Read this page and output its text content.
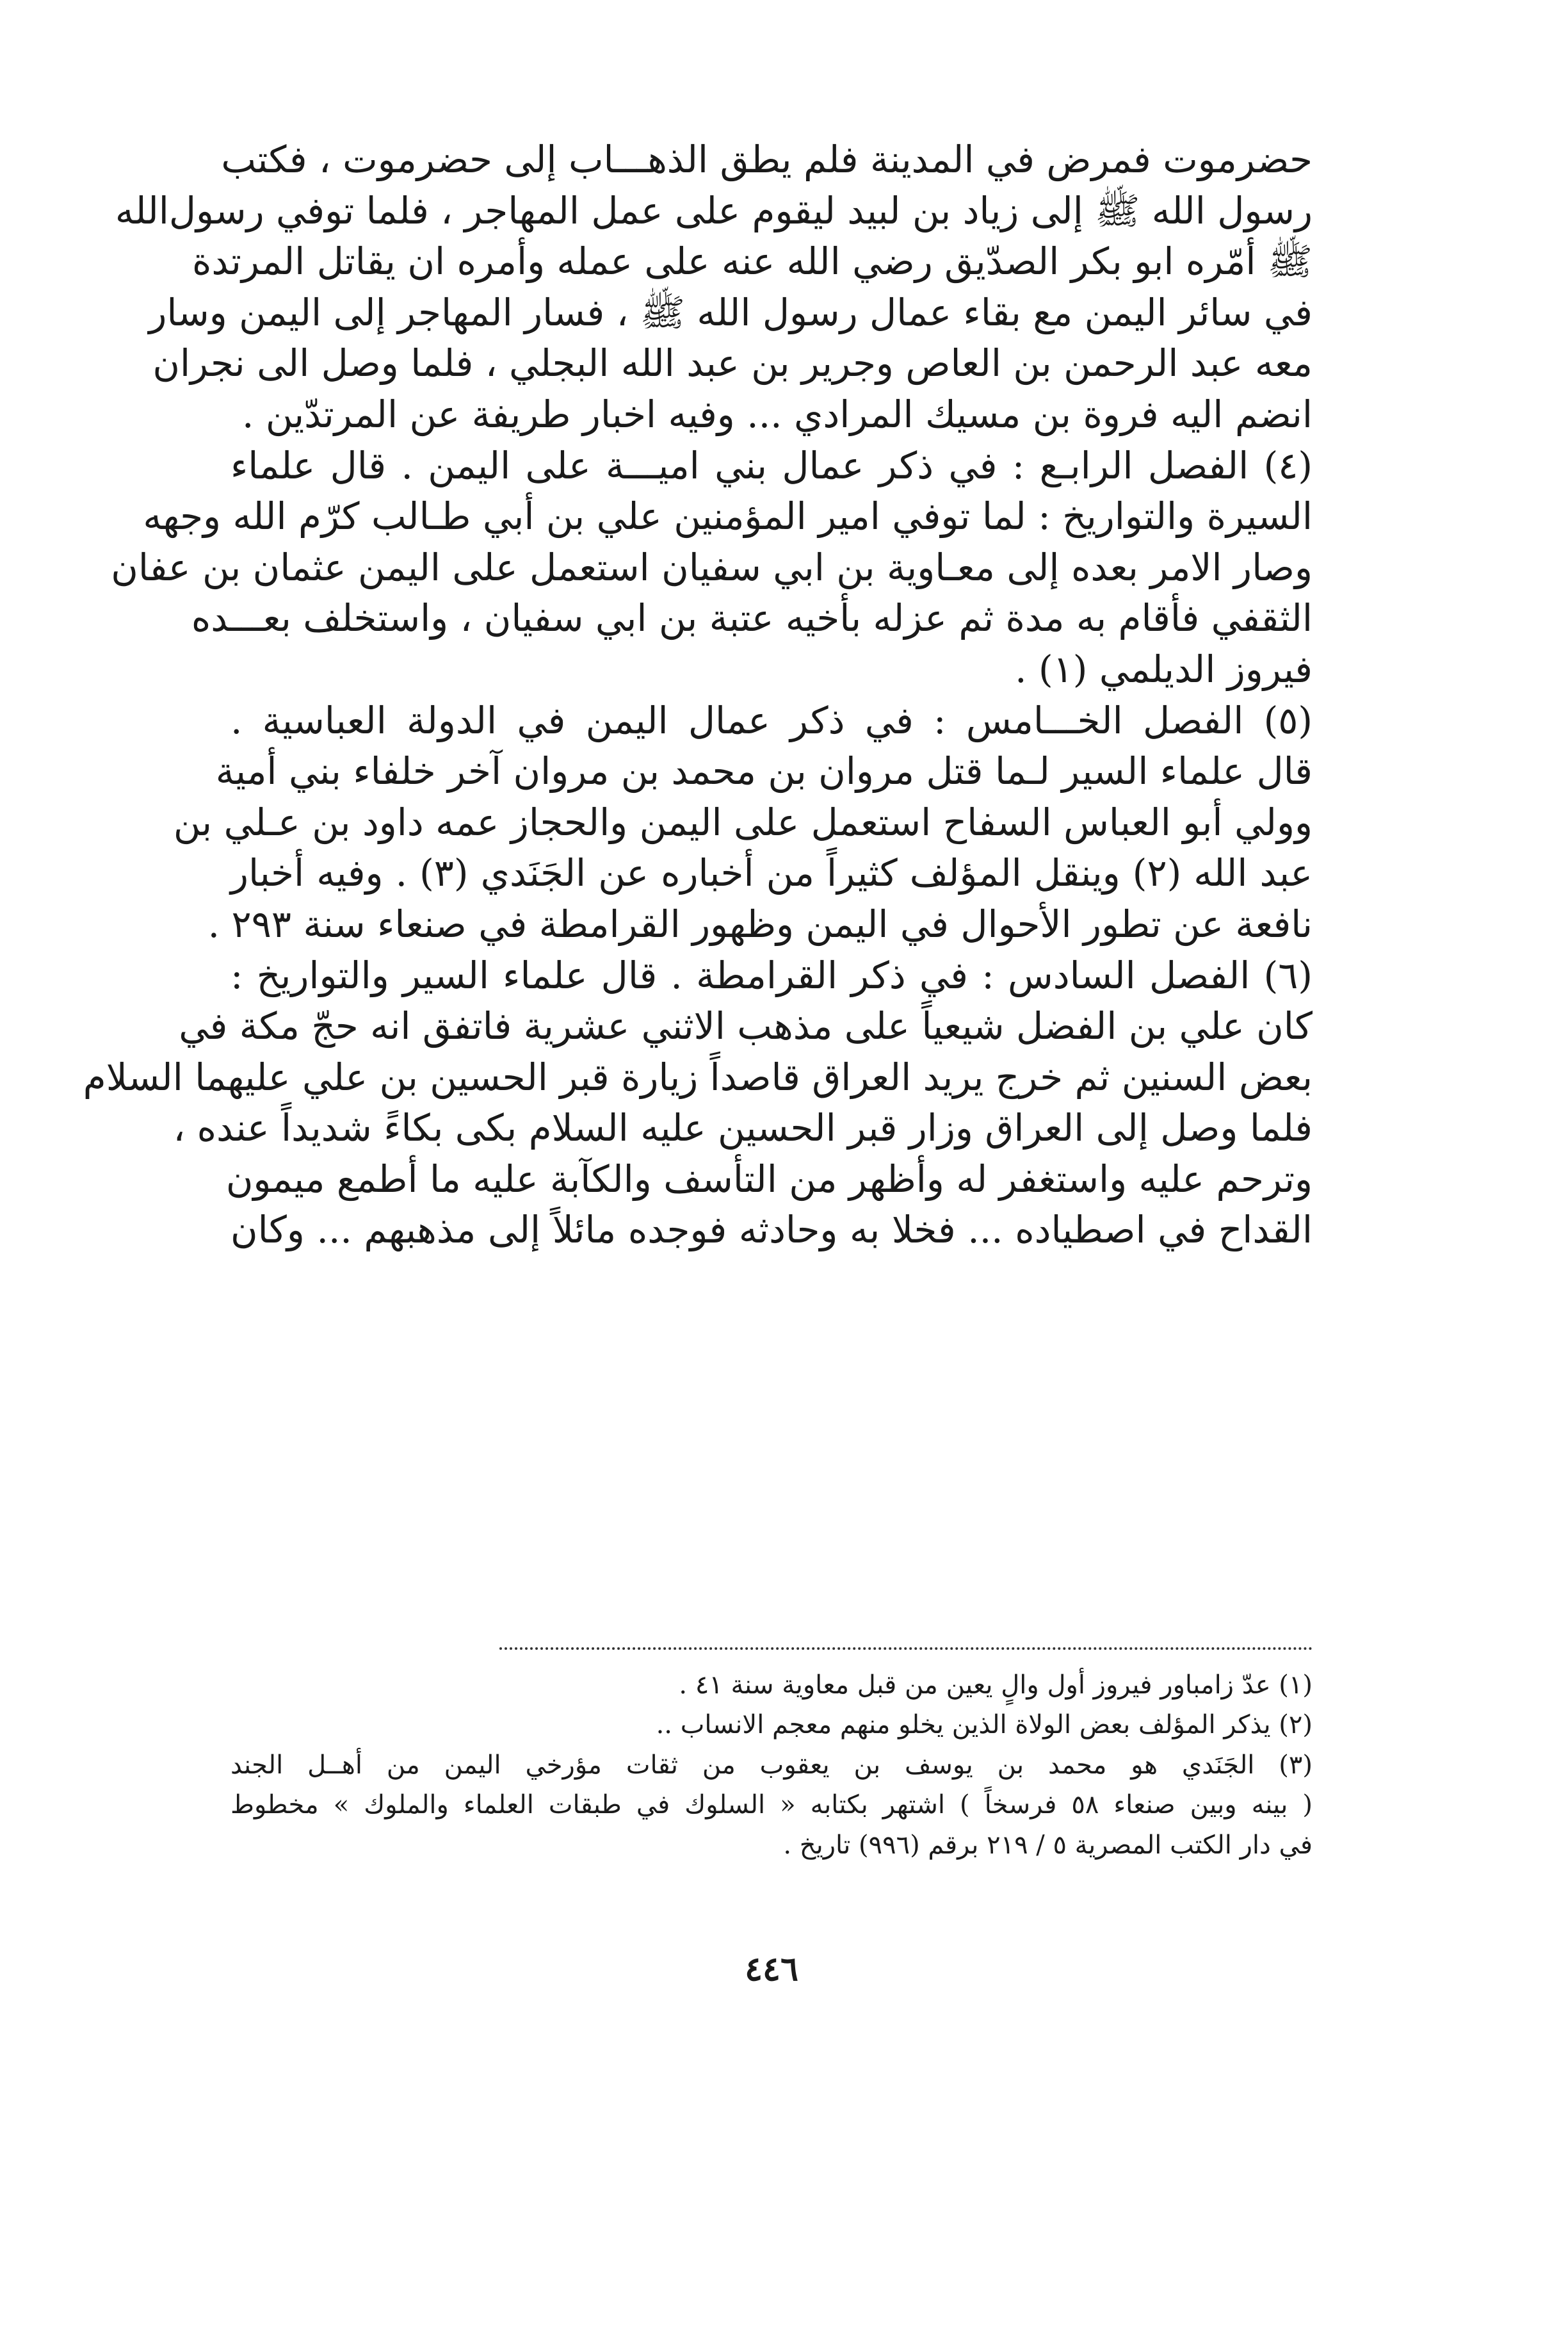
حضرموت فمرض في المدينة فلم يطق الذهـــاب إلى حضرموت ، فكتب
رسول الله ﷺ إلى زياد بن لبيد ليقوم على عمل المهاجر ، فلما توفي رسول‌الله
ﷺ أمّره ابو بكر الصدّيق رضي الله عنه على عمله وأمره ان يقاتل المرتدة
في سائر اليمن مع بقاء عمال رسول الله ﷺ ، فسار المهاجر إلى اليمن وسار
معه عبد الرحمن بن العاص وجرير بن عبد الله البجلي ، فلما وصل الى نجران
انضم اليه فروة بن مسيك المرادي ... وفيه اخبار طريفة عن المرتدّين .
(٤) الفصل الرابـع : في ذكر عمال بني اميـــة على اليمن . قال علماء
السيرة والتواريخ : لما توفي امير المؤمنين علي بن أبي طـالب كرّم الله وجهه
وصار الامر بعده إلى معـاوية بن ابي سفيان استعمل على اليمن عثمان بن عفان
الثقفي فأقام به مدة ثم عزله بأخيه عتبة بن ابي سفيان ، واستخلف بعـــده
فيروز الديلمي (١) .
(٥) الفصل الخـــامس : في ذكر عمال اليمن في الدولة العباسية .
قال علماء السير لـما قتل مروان بن محمد بن مروان آخر خلفاء بني أمية
وولي أبو العباس السفاح استعمل على اليمن والحجاز عمه داود بن عـلي بن
عبد الله (٢) وينقل المؤلف كثيراً من أخباره عن الجَنَدي (٣) . وفيه أخبار
نافعة عن تطور الأحوال في اليمن وظهور القرامطة في صنعاء سنة ٢٩٣ .
(٦) الفصل السادس : في ذكر القرامطة . قال علماء السير والتواريخ :
كان علي بن الفضل شيعياً على مذهب الاثني عشرية فاتفق انه حجّ مكة في
بعض السنين ثم خرج يريد العراق قاصداً زيارة قبر الحسين بن علي عليهما السلام
فلما وصل إلى العراق وزار قبر الحسين عليه السلام بكى بكاءً شديداً عنده ،
وترحم عليه واستغفر له وأظهر من التأسف والكآبة عليه ما أطمع ميمون
القداح في اصطياده ... فخلا به وحادثه فوجده مائلاً إلى مذهبهم ... وكان
(١) عدّ زامباور فيروز أول والٍ يعين من قبل معاوية سنة ٤١ .
(٢) يذكر المؤلف بعض الولاة الذين يخلو منهم معجم الانساب ..
(٣) الجَنَدي هو محمد بن يوسف بن يعقوب من ثقات مؤرخي اليمن من أهــل الجند
( بينه وبين صنعاء ٥٨ فرسخاً ) اشتهر بكتابه « السلوك في طبقات العلماء والملوك » مخطوط
في دار الكتب المصرية ٥ / ٢١٩ برقم (٩٩٦) تاريخ .
٤٤٦
